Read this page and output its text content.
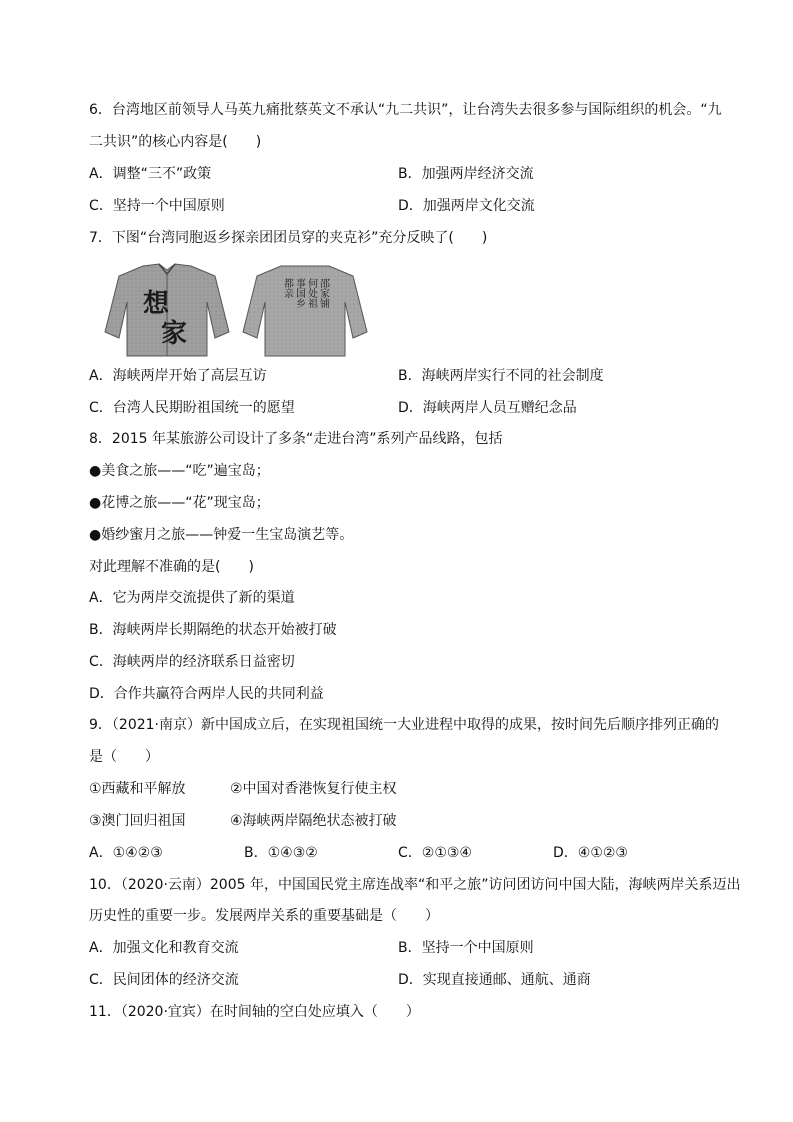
6．台湾地区前领导人马英九痛批蔡英文不承认“九二共识”，让台湾失去很多参与国际组织的机会。“九
二共识”的核心内容是(　　)
A．调整“三不”政策	B．加强两岸经济交流
C．坚持一个中国原则	D．加强两岸文化交流
7．下图“台湾同胞返乡探亲团团员穿的夹克衫”充分反映了(　　)
想
家
邵家铺
何处祖
事国乡
都亲
A．海峡两岸开始了高层互访	B．海峡两岸实行不同的社会制度
C．台湾人民期盼祖国统一的愿望	D．海峡两岸人员互赠纪念品
8．2015 年某旅游公司设计了多条“走进台湾”系列产品线路，包括
●美食之旅——“吃”遍宝岛；
●花博之旅——“花”现宝岛；
●婚纱蜜月之旅——钟爱一生宝岛演艺等。
对此理解不准确的是(　　)
A．它为两岸交流提供了新的渠道
B．海峡两岸长期隔绝的状态开始被打破
C．海峡两岸的经济联系日益密切
D．合作共赢符合两岸人民的共同利益
9．（2021·南京）新中国成立后，在实现祖国统一大业进程中取得的成果，按时间先后顺序排列正确的
是（　　）
①西藏和平解放	②中国对香港恢复行使主权
③澳门回归祖国	④海峡两岸隔绝状态被打破
A．①④②③	B．①④③②	C．②①③④	D．④①②③
10．（2020·云南）2005 年，中国国民党主席连战率“和平之旅”访问团访问中国大陆，海峡两岸关系迈出
历史性的重要一步。发展两岸关系的重要基础是（　　）
A．加强文化和教育交流	B．坚持一个中国原则
C．民间团体的经济交流	D．实现直接通邮、通航、通商
11．（2020·宜宾）在时间轴的空白处应填入（　　）
